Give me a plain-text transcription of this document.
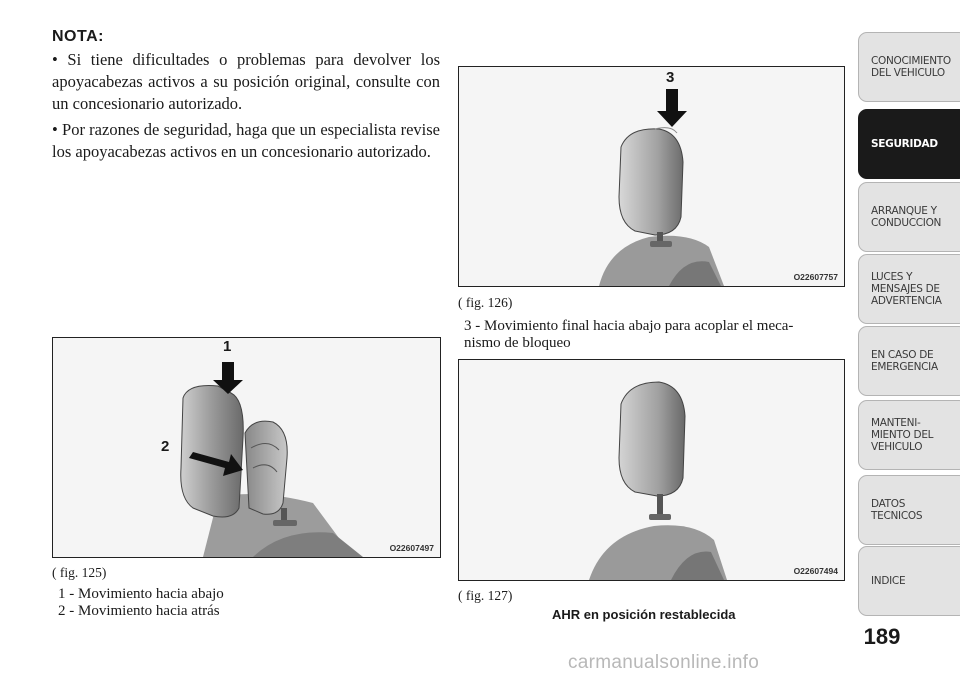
NOTA:
• Si tiene dificultades o problemas para devolver los apoyacabezas activos a su posición original, consulte con un concesionario autorizado.
• Por razones de seguridad, haga que un especialista revise los apoyacabezas activos en un concesionario autorizado.
1
2
O22607497
( fig. 125)
1 - Movimiento hacia abajo
2 - Movimiento hacia atrás
3
O22607757
( fig. 126)
3 - Movimiento final hacia abajo para acoplar el meca-
nismo de bloqueo
O22607494
( fig. 127)
AHR en posición restablecida
CONOCIMIENTO
DEL VEHICULO
SEGURIDAD
ARRANQUE Y
CONDUCCION
LUCES Y
MENSAJES DE
ADVERTENCIA
EN CASO DE
EMERGENCIA
MANTENI-
MIENTO DEL
VEHICULO
DATOS
TECNICOS
INDICE
189
carmanualsonline.info
